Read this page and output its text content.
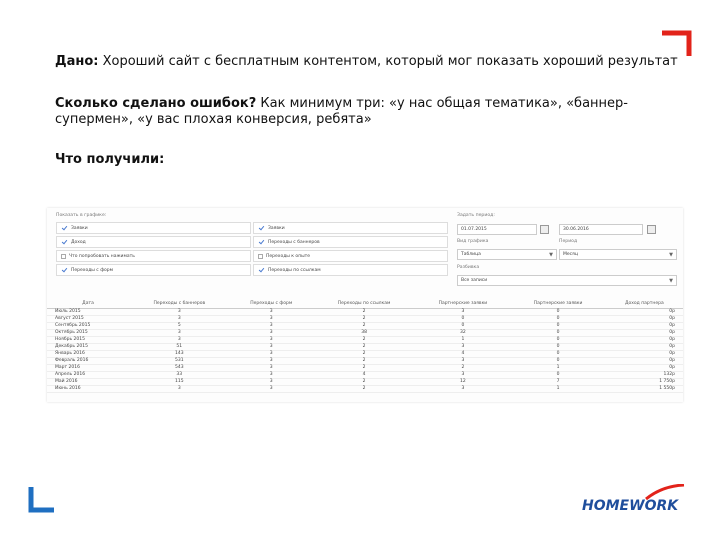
Дано: Хороший сайт с бесплатным контентом, который мог показать хороший результат
Сколько сделано ошибок? Как минимум три: «у нас общая тематика», «баннер-
супермен», «у вас плохая конверсия, ребята»
Что получили:
Показать в графике:
Заявки	Заявки
Доход	Переходы с баннеров
Что попробовать нажимать	Переходы к опыте
Переходы с форм	Переходы по ссылкам
Задать период:
01.07.2015	30.06.2016
Вид графика
Таблица	▼
Период
Месяц	▼
Разбивка
Все записи	▼
Дата	Переходы с баннеров	Переходы с форм	Переходы по ссылкам	Партнерские заявки	Партнерские заявки	Доход партнера
Июль 2015	3	3	2	3	0	0р
Август 2015	3	3	2	0	0	0р
Сентябрь 2015	5	3	2	0	0	0р
Октябрь 2015	3	3	38	32	0	0р
Ноябрь 2015	3	3	2	1	0	0р
Декабрь 2015	51	3	2	3	0	0р
Январь 2016	143	3	2	4	0	0р
Февраль 2016	531	3	2	3	0	0р
Март 2016	543	3	2	2	1	0р
Апрель 2016	33	3	4	3	0	132р
Май 2016	115	3	2	12	7	1 750р
Июнь 2016	3	3	2	3	1	1 550р
HOMEWORK
